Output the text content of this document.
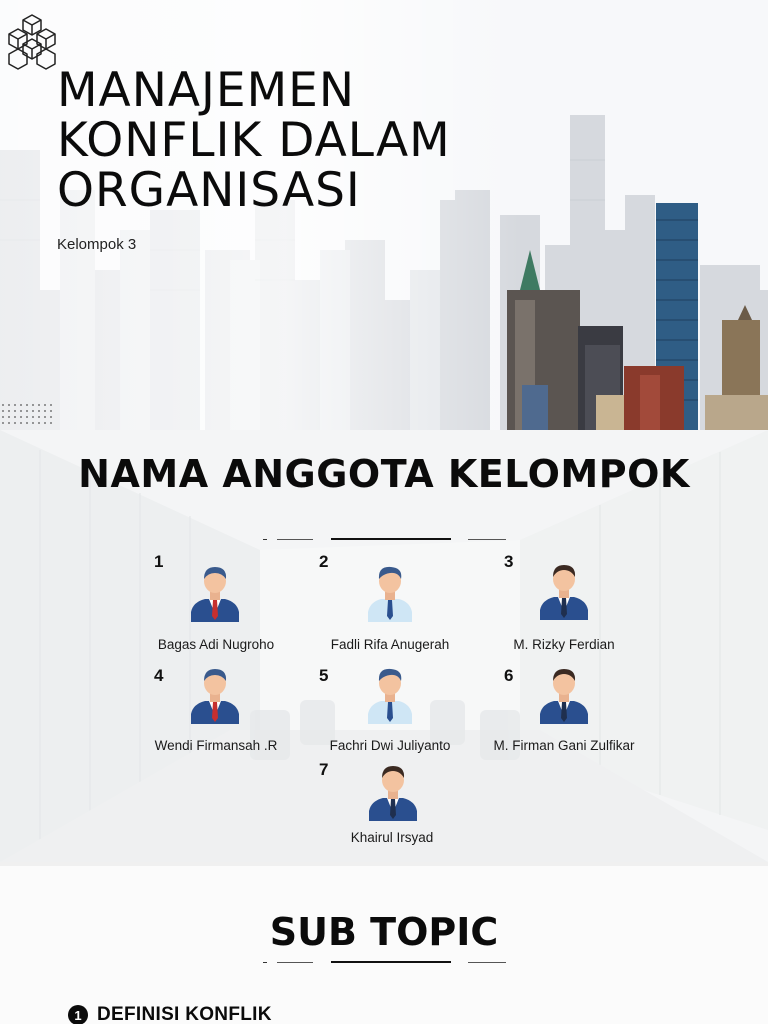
MANAJEMEN
KONFLIK DALAM
ORGANISASI
Kelompok 3
NAMA ANGGOTA KELOMPOK
1
Bagas Adi Nugroho
2
Fadli Rifa Anugerah
3
M. Rizky Ferdian
4
Wendi Firmansah .R
5
Fachri Dwi Juliyanto
6
M. Firman Gani Zulfikar
7
Khairul Irsyad
SUB TOPIC
1 DEFINISI KONFLIK
